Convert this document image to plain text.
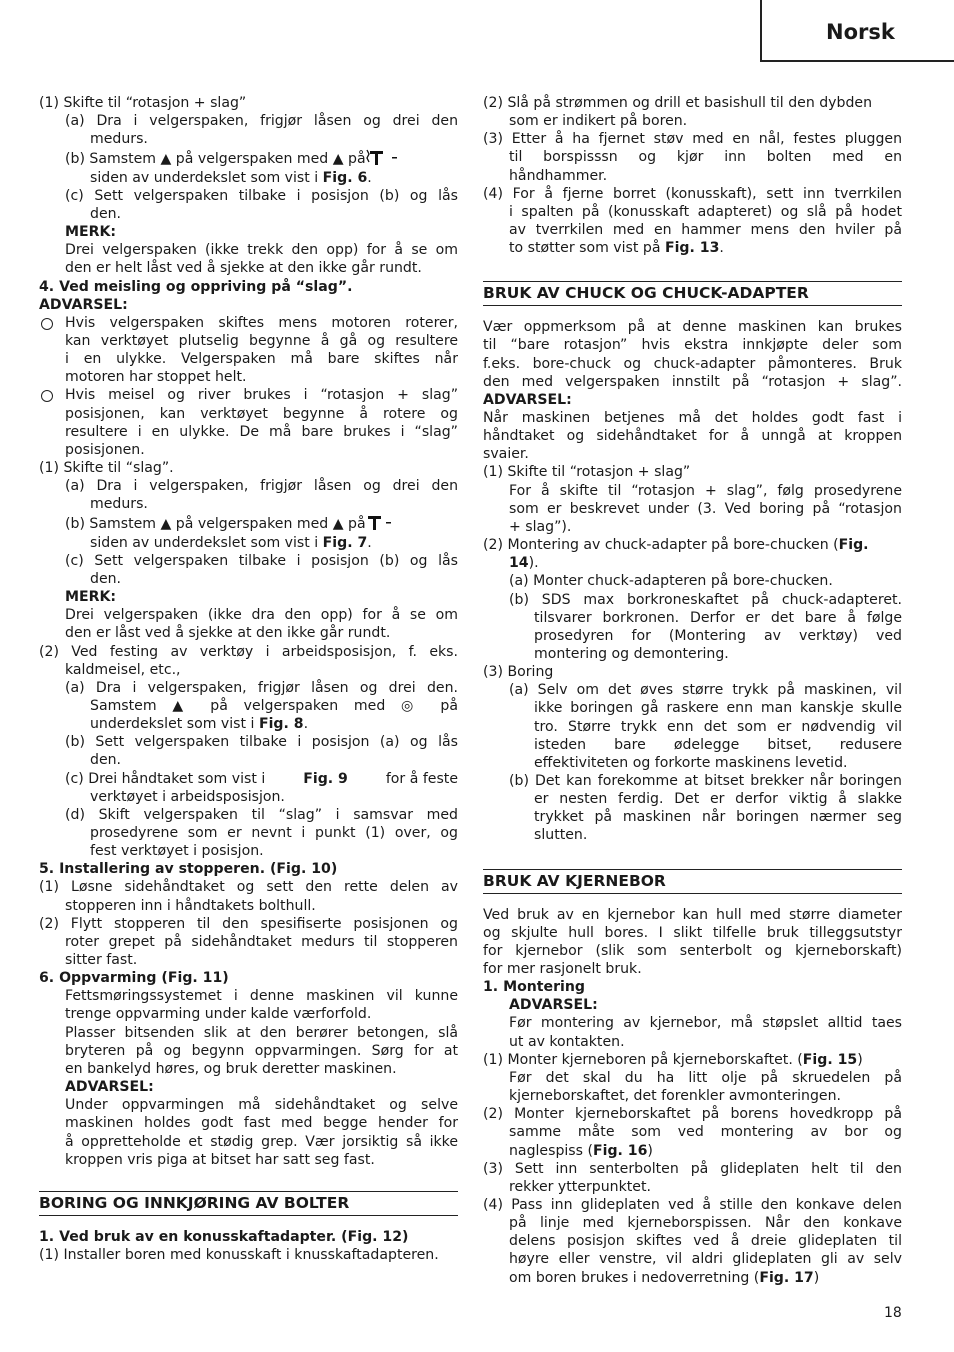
Norsk
(1) Skifte til “rotasjon + slag”
(a) Dra i velgerspaken, frigjør låsen og drei den
medurs.
(b) Samstem ▲ på velgerspaken med ▲ på
siden av underdekslet som vist i Fig. 6.
(c) Sett velgerspaken tilbake i posisjon (b) og lås
den.
MERK:
Drei velgerspaken (ikke trekk den opp) for å se om
den er helt låst ved å sjekke at den ikke går rundt.
4. Ved meisling og oppriving på “slag”.
ADVARSEL:
Hvis velgerspaken skiftes mens motoren roterer,
kan verktøyet plutselig begynne å gå og resultere
i en ulykke. Velgerspaken må bare skiftes når
motoren har stoppet helt.
Hvis meisel og river brukes i “rotasjon + slag”
posisjonen, kan verktøyet begynne å rotere og
resultere i en ulykke. De må bare brukes i “slag”
posisjonen.
(1) Skifte til “slag”.
(a) Dra i velgerspaken, frigjør låsen og drei den
medurs.
(b) Samstem ▲ på velgerspaken med ▲ på
siden av underdekslet som vist i Fig. 7.
(c) Sett velgerspaken tilbake i posisjon (b) og lås
den.
MERK:
Drei velgerspaken (ikke dra den opp) for å se om
den er låst ved å sjekke at den ikke går rundt.
(2) Ved festing av verktøy i arbeidsposisjon, f. eks.
kaldmeisel, etc.,
(a) Dra i velgerspaken, frigjør låsen og drei den.
Samstem ▲ på velgerspaken med ◎ på
underdekslet som vist i Fig. 8.
(b) Sett velgerspaken tilbake i posisjon (a) og lås
den.
(c) Drei håndtaket som vist i	Fig. 9	for å feste
verktøyet i arbeidsposisjon.
(d) Skift velgerspaken til “slag” i samsvar med
prosedyrene som er nevnt i punkt (1) over, og
fest verktøyet i posisjon.
5. Installering av stopperen. (Fig. 10)
(1) Løsne sidehåndtaket og sett den rette delen av
stopperen inn i håndtakets bolthull.
(2) Flytt stopperen til den spesifiserte posisjonen og
roter grepet på sidehåndtaket medurs til stopperen
sitter fast.
6. Oppvarming (Fig. 11)
Fettsmøringssystemet i denne maskinen vil kunne
trenge oppvarming under kalde værforfold.
Plasser bitsenden slik at den berører betongen, slå
bryteren på og begynn oppvarmingen. Sørg for at
en bankelyd høres, og bruk deretter maskinen.
ADVARSEL:
Under oppvarmingen må sidehåndtaket og selve
maskinen holdes godt fast med begge hender for
å oppretteholde et stødig grep. Vær jorsiktig så ikke
kroppen vris piga at bitset har satt seg fast.
BORING OG INNKJØRING AV BOLTER
1. Ved bruk av en konusskaftadapter. (Fig. 12)
(1) Installer boren med konusskaft i knusskaftadapteren.
(2) Slå på strømmen og drill et basishull til den dybden
som er indikert på boren.
(3) Etter å ha fjernet støv med en nål, festes pluggen
til borspisssn og kjør inn bolten med en
håndhammer.
(4) For å fjerne borret (konusskaft), sett inn tverrkilen
i spalten på (konusskaft adapteret) og slå på hodet
av tverrkilen med en hammer mens den hviler på
to støtter som vist på Fig. 13.
BRUK AV CHUCK OG CHUCK-ADAPTER
Vær oppmerksom på at denne maskinen kan brukes
til “bare rotasjon” hvis ekstra innkjøpte deler som
f.eks. bore-chuck og chuck-adapter påmonteres. Bruk
den med velgerspaken innstilt på “rotasjon + slag”.
ADVARSEL:
Når maskinen betjenes må det holdes godt fast i
håndtaket og sidehåndtaket for å unngå at kroppen
svaier.
(1) Skifte til “rotasjon + slag”
For å skifte til “rotasjon + slag”, følg prosedyrene
som er beskrevet under (3. Ved boring på “rotasjon
+ slag”).
(2) Montering av chuck-adapter på bore-chucken (Fig.
14).
(a) Monter chuck-adapteren på bore-chucken.
(b) SDS max borkroneskaftet på chuck-adapteret.
tilsvarer borkronen. Derfor er det bare å følge
prosedyren for (Montering av verktøy) ved
montering og demontering.
(3) Boring
(a) Selv om det øves større trykk på maskinen, vil
ikke boringen gå raskere enn man kanskje skulle
tro. Større trykk enn det som er nødvendig vil
isteden bare ødelegge bitset, redusere
effektiviteten og forkorte maskinens levetid.
(b) Det kan forekomme at bitset brekker når boringen
er nesten ferdig. Det er derfor viktig å slakke
trykket på maskinen når boringen nærmer seg
slutten.
BRUK AV KJERNEBOR
Ved bruk av en kjernebor kan hull med større diameter
og skjulte hull bores. I slikt tilfelle bruk tilleggsutstyr
for kjernebor (slik som senterbolt og kjerneborskaft)
for mer rasjonelt bruk.
1. Montering
ADVARSEL:
Før montering av kjernebor, må støpslet alltid taes
ut av kontakten.
(1) Monter kjerneboren på kjerneborskaftet. (Fig. 15)
Før det skal du ha litt olje på skruedelen på
kjerneborskaftet, det forenkler avmonteringen.
(2) Monter kjerneborskaftet på borens hovedkropp på
samme måte som ved montering av bor og
naglespiss (Fig. 16)
(3) Sett inn senterbolten på glideplaten helt til den
rekker ytterpunktet.
(4) Pass inn glideplaten ved å stille den konkave delen
på linje med kjerneborspissen. Når den konkave
delens posisjon skiftes ved å dreie glideplaten til
høyre eller venstre, vil aldri glideplaten gli av selv
om boren brukes i nedoverretning (Fig. 17)
18
